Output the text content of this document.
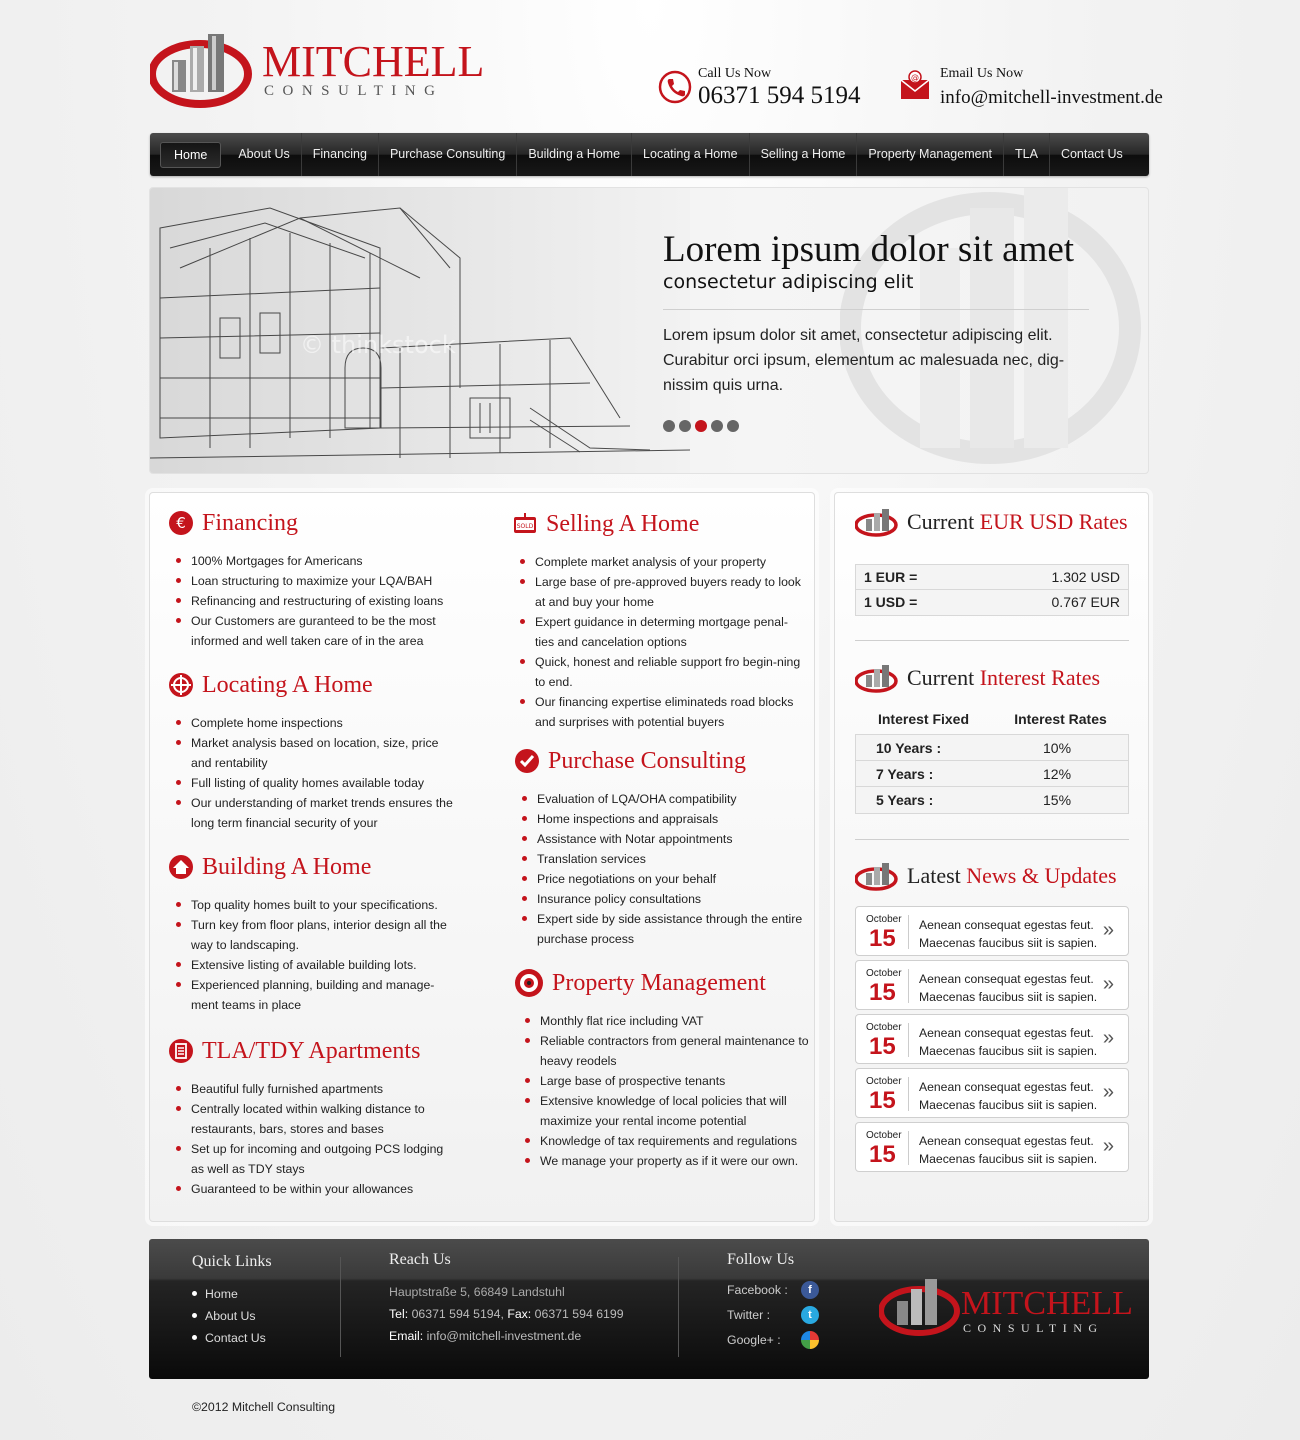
MITCHELL
CONSULTING
Call Us Now
06371 594 5194
@ Email Us Now
info@mitchell-investment.de
Home	About Us	Financing	Purchase Consulting	Building a Home	Locating a Home	Selling a Home	Property Management	TLA	Contact Us
© thinkstock
Lorem ipsum dolor sit amet
consectetur adipiscing elit
Lorem ipsum dolor sit amet, consectetur adipiscing elit. Curabitur orci ipsum, elementum ac malesuada nec, dig-nissim quis urna.
€ Financing
100% Mortgages for Americans
Loan structuring to maximize your LQA/BAH
Refinancing and restructuring of existing loans
Our Customers are guranteed to be the most informed and well taken care of in the area
Locating A Home
Complete home inspections
Market analysis based on location, size, price and rentability
Full listing of quality homes available today
Our understanding of market trends ensures the long term financial security of your
Building A Home
Top quality homes built to your specifications.
Turn key from floor plans, interior design all the way to landscaping.
Extensive listing of available building lots.
Experienced planning, building and manage-ment teams in place
TLA/TDY Apartments
Beautiful fully furnished apartments
Centrally located within walking distance to restaurants, bars, stores and bases
Set up for incoming and outgoing PCS lodging as well as TDY stays
Guaranteed to be within your allowances
SOLD Selling A Home
Complete market analysis of your property
Large base of pre-approved buyers ready to look at and buy your home
Expert guidance in determing mortgage penal-ties and cancelation options
Quick, honest and reliable support fro begin-ning to end.
Our financing expertise eliminateds road blocks and surprises with potential buyers
Purchase Consulting
Evaluation of LQA/OHA compatibility
Home inspections and appraisals
Assistance with Notar appointments
Translation services
Price negotiations on your behalf
Insurance policy consultations
Expert side by side assistance through the entire purchase process
Property Management
Monthly flat rice including VAT
Reliable contractors from general maintenance to heavy reodels
Large base of prospective tenants
Extensive knowledge of local policies that will maximize your rental income potential
Knowledge of tax requirements and regulations
We manage your property as if it were our own.
Current EUR USD Rates
1 EUR =	1.302 USD
1 USD =	0.767 EUR
Current Interest Rates
Interest Fixed	Interest Rates
10 Years :	10%
7 Years :	12%
5 Years :	15%
Latest News & Updates
October
15 Aenean consequat egestas feut.
Maecenas faucibus siit is sapien.
»
October
15 Aenean consequat egestas feut.
Maecenas faucibus siit is sapien.
»
October
15 Aenean consequat egestas feut.
Maecenas faucibus siit is sapien.
»
October
15 Aenean consequat egestas feut.
Maecenas faucibus siit is sapien.
»
October
15 Aenean consequat egestas feut.
Maecenas faucibus siit is sapien.
»
Quick Links
Home
About Us
Contact Us
Reach Us

Hauptstraße 5, 66849 Landstuhl

Tel: 06371 594 5194, Fax: 06371 594 6199

Email: info@mitchell-investment.de

Follow Us
Facebook :	f
Twitter :	t
Google+ :
MITCHELL
CONSULTING
©2012 Mitchell Consulting
